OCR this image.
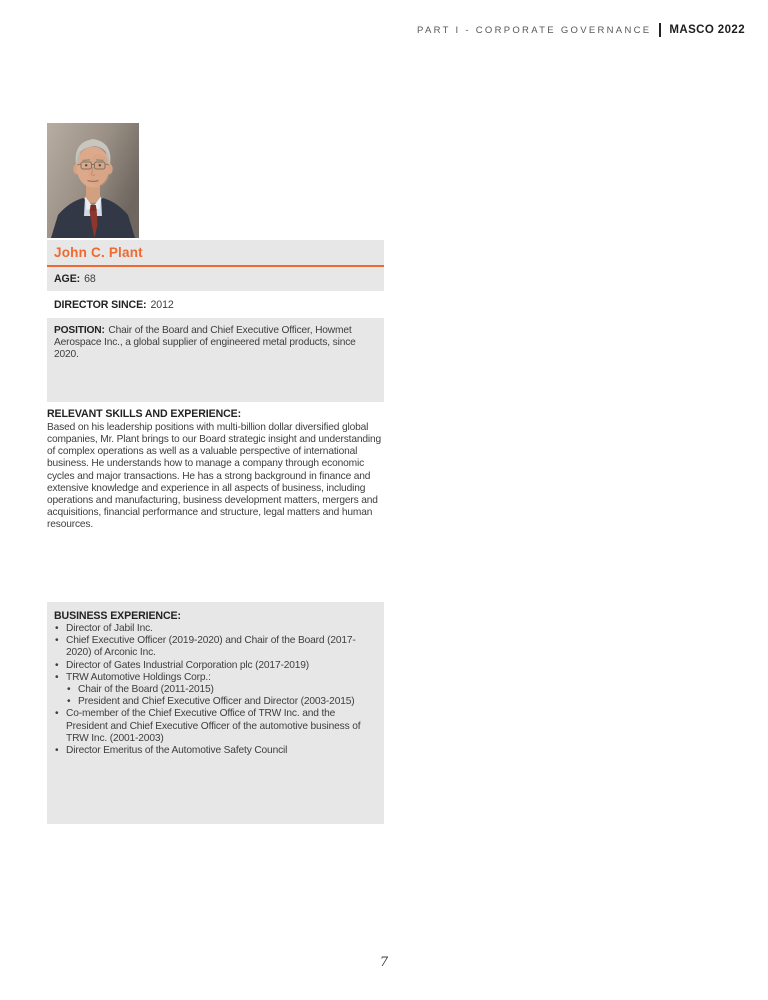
PART I - CORPORATE GOVERNANCE MASCO 2022
John C. Plant
AGE: 68
DIRECTOR SINCE: 2012
POSITION: Chair of the Board and Chief Executive Officer, Howmet Aerospace Inc., a global supplier of engineered metal products, since 2020.
RELEVANT SKILLS AND EXPERIENCE:

Based on his leadership positions with multi-billion dollar diversified global companies, Mr. Plant brings to our Board strategic insight and understanding of complex operations as well as a valuable perspective of international business. He understands how to manage a company through economic cycles and major transactions. He has a strong background in finance and extensive knowledge and experience in all aspects of business, including operations and manufacturing, business development matters, mergers and acquisitions, financial performance and structure, legal matters and human resources.

BUSINESS EXPERIENCE:
• Director of Jabil Inc.
• Chief Executive Officer (2019-2020) and Chair of the Board (2017-2020) of Arconic Inc.
• Director of Gates Industrial Corporation plc (2017-2019)
• TRW Automotive Holdings Corp.:
• Chair of the Board (2011-2015)
• President and Chief Executive Officer and Director (2003-2015)
• Co-member of the Chief Executive Office of TRW Inc. and the President and Chief Executive Officer of the automotive business of TRW Inc. (2001-2003)
• Director Emeritus of the Automotive Safety Council
7
